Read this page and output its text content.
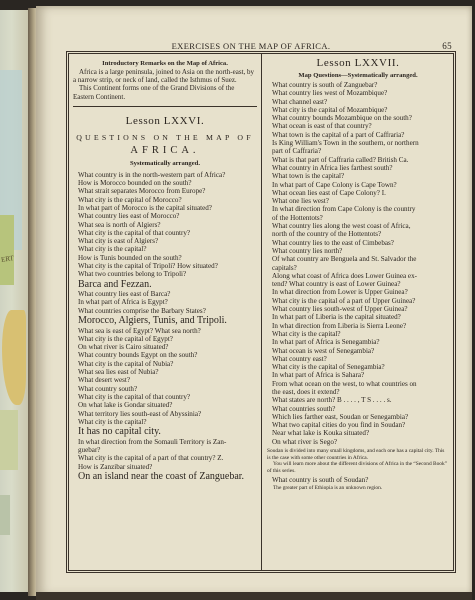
ERT
EXERCISES ON THE MAP OF AFRICA.	65
Introductory Remarks on the Map of Africa.
Africa is a large peninsula, joined to Asia on the north-east, by a narrow strip, or neck of land, called the Isthmus of Suez.
This Continent forms one of the Grand Divisions of the Eastern Continent.
Lesson LXXVI.
QUESTIONS ON THE MAP OF
AFRICA.
Systematically arranged.
What country is in the north-western part of Africa?
How is Morocco bounded on the south?
What strait separates Morocco from Europe?
What city is the capital of Morocco?
In what part of Morocco is the capital situated?
What country lies east of Morocco?
What sea is north of Algiers?
What city is the capital of that country?
What city is east of Algiers?
What city is the capital?
How is Tunis bounded on the south?
What city is the capital of Tripoli? How situated?
What two countries belong to Tripoli?
Barca and Fezzan.
What country lies east of Barca?
In what part of Africa is Egypt?
What countries comprise the Barbary States?
Morocco, Algiers, Tunis, and Tripoli.
What sea is east of Egypt? What sea north?
What city is the capital of Egypt?
On what river is Cairo situated?
What country bounds Egypt on the south?
What city is the capital of Nubia?
What sea lies east of Nubia?
What desert west?
What country south?
What city is the capital of that country?
On what lake is Gondar situated?
What territory lies south-east of Abyssinia?
What city is the capital?
It has no capital city.
In what direction from the Somauli Territory is Zan-
guebar?
What city is the capital of a part of that country? Z.
How is Zanzibar situated?
On an island near the coast of Zanguebar.
Lesson LXXVII.
Map Questions—Systematically arranged.
What country is south of Zanguebar?
What country lies west of Mozambique?
What channel east?
What city is the capital of Mozambique?
What country bounds Mozambique on the south?
What ocean is east of that country?
What town is the capital of a part of Caffraria?
Is King William's Town in the southern, or northern
part of Caffraria?
What is that part of Caffraria called? British Ca.
What country in Africa lies farthest south?
What town is the capital?
In what part of Cape Colony is Cape Town?
What ocean lies east of Cape Colony? I.
What one lies west?
In what direction from Cape Colony is the country
of the Hottentots?
What country lies along the west coast of Africa,
north of the country of the Hottentots?
What country lies to the east of Cimbebas?
What country lies north?
Of what country are Benguela and St. Salvador the
capitals?
Along what coast of Africa does Lower Guinea ex-
tend? What country is east of Lower Guinea?
In what direction from Lower is Upper Guinea?
What city is the capital of a part of Upper Guinea?
What country lies south-west of Upper Guinea?
In what part of Liberia is the capital situated?
In what direction from Liberia is Sierra Leone?
What city is the capital?
In what part of Africa is Senegambia?
What ocean is west of Senegambia?
What country east?
What city is the capital of Senegambia?
In what part of Africa is Sahara?
From what ocean on the west, to what countries on
the east, does it extend?
What states are north? B . . . . , T S . . . . s.
What countries south?
Which lies farther east, Soudan or Senegambia?
What two capital cities do you find in Soudan?
Near what lake is Kouka situated?
On what river is Sego?
Soudan is divided into many small kingdoms, and each one has a capital city. This is the case with some other countries in Africa.
You will learn more about the different divisions of Africa in the “Second Book” of this series.
What country is south of Soudan?
The greater part of Ethiopia is an unknown region.
